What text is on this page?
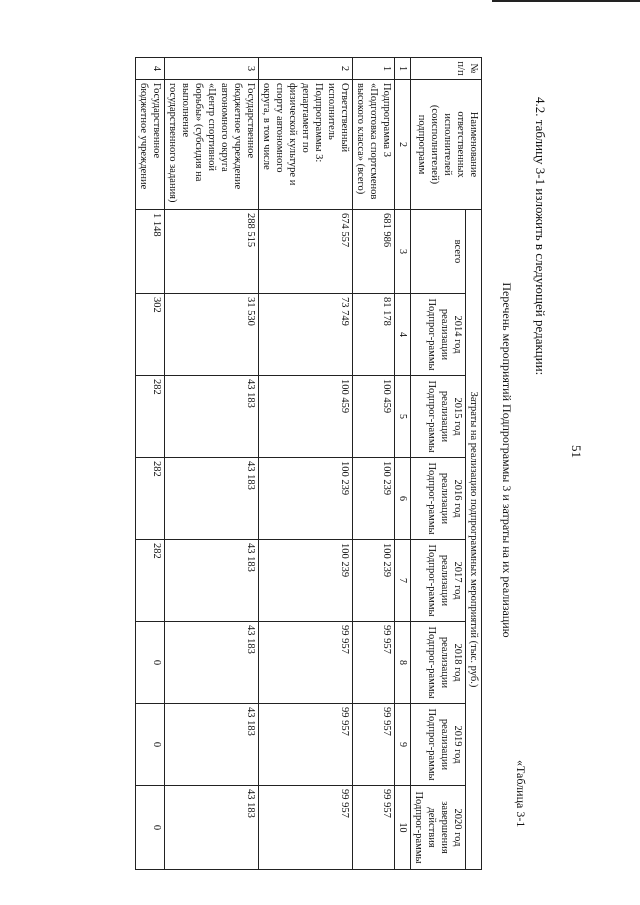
51
4.2. таблицу 3-1 изложить в следующей редакции:
«Таблица 3-1
Перечень мероприятий Подпрограммы 3 и затраты на их реализацию
№ п/п	Наименование ответственных исполнителей (соисполнителей) подпрограмм	Затраты на реализацию подпрограммных мероприятий (тыс. руб.)							
		всего	2014 год реализации Подпрог-раммы	2015 год реализации Подпрог-раммы	2016 год реализации Подпрог-раммы	2017 год реализации Подпрог-раммы	2018 год реализации Подпрог-раммы	2019 год реализации Подпрог-раммы	2020 год завершения действия Подпрог-раммы
1	2	3	4	5	6	7	8	9	10
1	Подпрограмма 3 «Подготовка спортсменов высокого класса» (всего)	681 986	81 178	100 459	100 239	100 239	99 957	99 957	99 957
2	Ответственный исполнитель Подпрограммы 3: департамент по физической культуре и спорту автономного округа, в том числе	674 557	73 749	100 459	100 239	100 239	99 957	99 957	99 957
3	Государственное бюджетное учреждение автономного округа «Центр спортивной борьбы» (субсидия на выполнение государственного задания)	288 515	31 530	43 183	43 183	43 183	43 183	43 183	43 183
4	Государственное бюджетное учреждение	1 148	302	282	282	282	0	0	0
